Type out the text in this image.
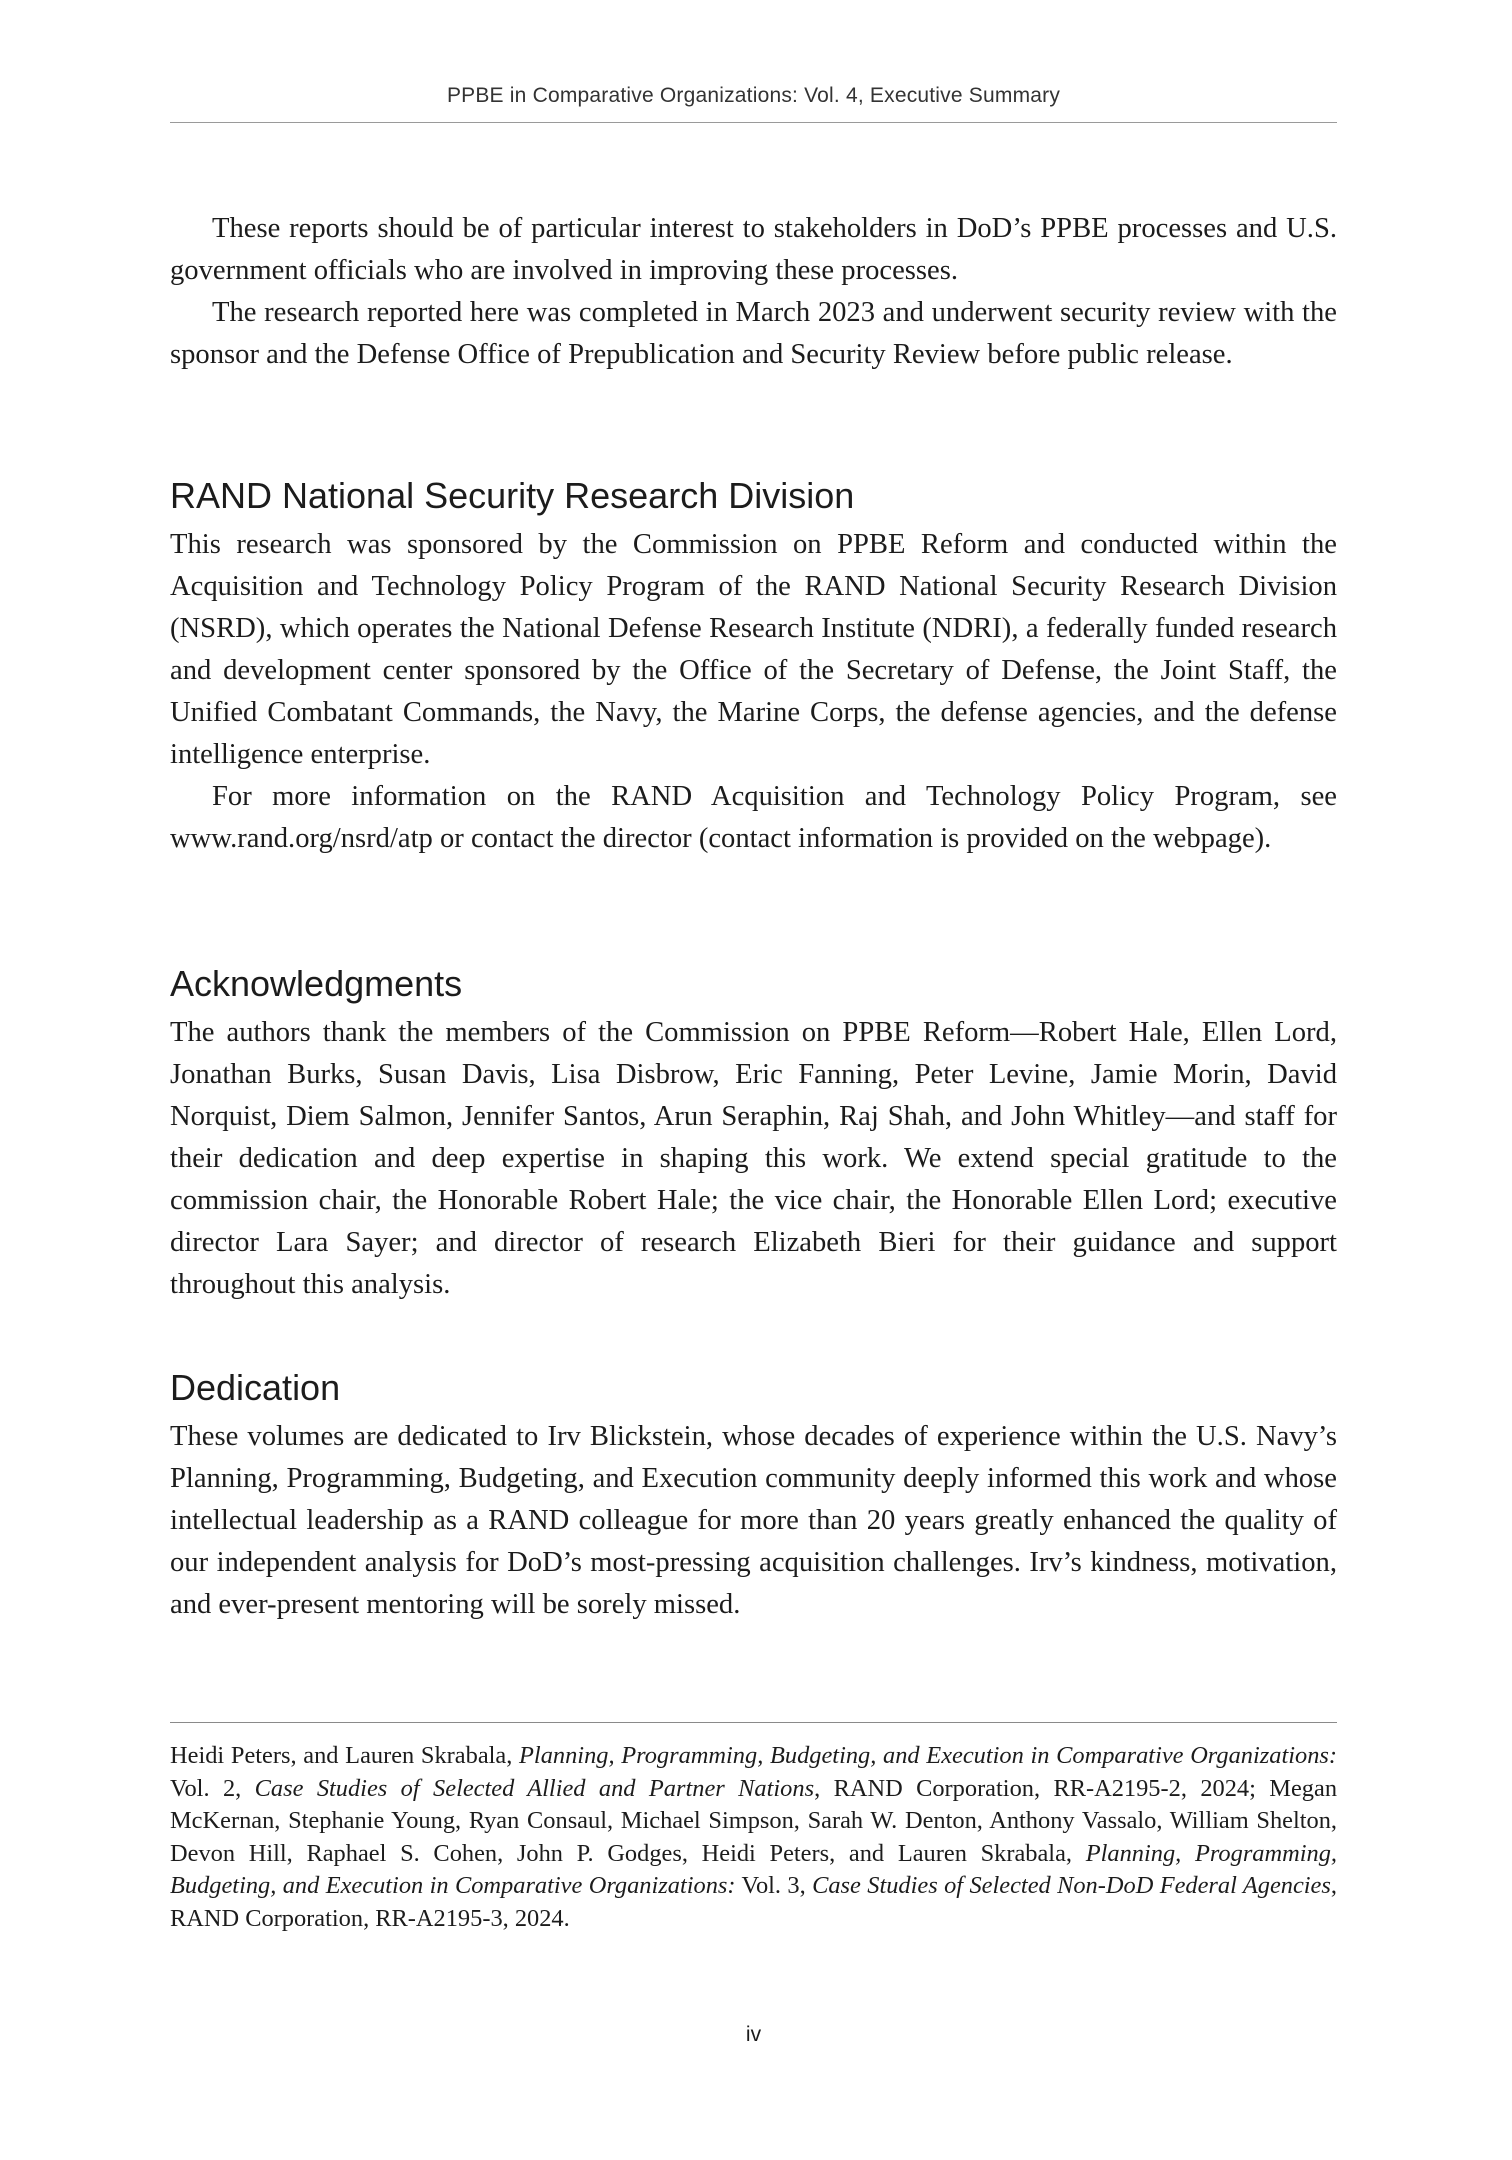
PPBE in Comparative Organizations: Vol. 4, Executive Summary

These reports should be of particular interest to stakeholders in DoD’s PPBE processes and U.S. government officials who are involved in improving these processes.

The research reported here was completed in March 2023 and underwent security review with the sponsor and the Defense Office of Prepublication and Security Review before public release.

RAND National Security Research Division

This research was sponsored by the Commission on PPBE Reform and conducted within the Acquisition and Technology Policy Program of the RAND National Security Research Division (NSRD), which operates the National Defense Research Institute (NDRI), a federally funded research and development center sponsored by the Office of the Secretary of Defense, the Joint Staff, the Unified Combatant Commands, the Navy, the Marine Corps, the defense agencies, and the defense intelligence enterprise.

For more information on the RAND Acquisition and Technology Policy Program, see www.rand.org/nsrd/atp or contact the director (contact information is provided on the webpage).

Acknowledgments

The authors thank the members of the Commission on PPBE Reform—Robert Hale, Ellen Lord, Jonathan Burks, Susan Davis, Lisa Disbrow, Eric Fanning, Peter Levine, Jamie Morin, David Norquist, Diem Salmon, Jennifer Santos, Arun Seraphin, Raj Shah, and John Whitley—and staff for their dedication and deep expertise in shaping this work. We extend special gratitude to the commission chair, the Honorable Robert Hale; the vice chair, the Honorable Ellen Lord; executive director Lara Sayer; and director of research Elizabeth Bieri for their guidance and support throughout this analysis.

Dedication

These volumes are dedicated to Irv Blickstein, whose decades of experience within the U.S. Navy’s Planning, Programming, Budgeting, and Execution community deeply informed this work and whose intellectual leadership as a RAND colleague for more than 20 years greatly enhanced the quality of our independent analysis for DoD’s most-pressing acquisition challenges. Irv’s kindness, motivation, and ever-present mentoring will be sorely missed.

Heidi Peters, and Lauren Skrabala, Planning, Programming, Budgeting, and Execution in Comparative Organizations: Vol. 2, Case Studies of Selected Allied and Partner Nations, RAND Corporation, RR-A2195-2, 2024; Megan McKernan, Stephanie Young, Ryan Consaul, Michael Simpson, Sarah W. Denton, Anthony Vassalo, William Shelton, Devon Hill, Raphael S. Cohen, John P. Godges, Heidi Peters, and Lauren Skrabala, Planning, Programming, Budgeting, and Execution in Comparative Organizations: Vol. 3, Case Studies of Selected Non-DoD Federal Agencies, RAND Corporation, RR-A2195-3, 2024.

iv
